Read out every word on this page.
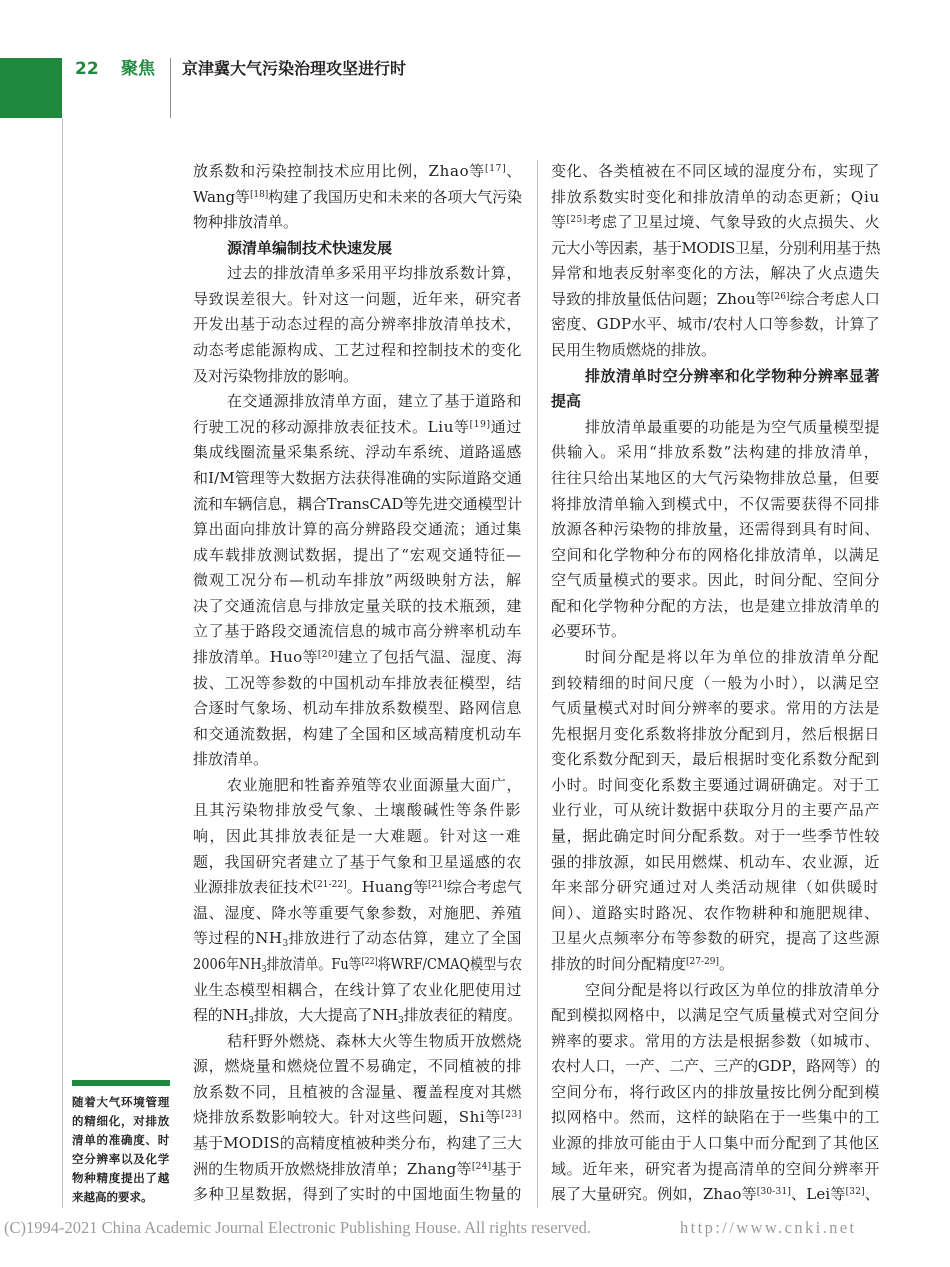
22 聚焦 京津冀大气污染治理攻坚进行时
放系数和污染控制技术应用比例，Zhao等[17]、
Wang等[18]构建了我国历史和未来的各项大气污染
物种排放清单。
源清单编制技术快速发展
过去的排放清单多采用平均排放系数计算，
导致误差很大。针对这一问题，近年来，研究者
开发出基于动态过程的高分辨率排放清单技术，
动态考虑能源构成、工艺过程和控制技术的变化
及对污染物排放的影响。
在交通源排放清单方面，建立了基于道路和
行驶工况的移动源排放表征技术。Liu等[19]通过
集成线圈流量采集系统、浮动车系统、道路遥感
和I/M管理等大数据方法获得准确的实际道路交通
流和车辆信息，耦合TransCAD等先进交通模型计
算出面向排放计算的高分辨路段交通流；通过集
成车载排放测试数据，提出了“宏观交通特征—
微观工况分布—机动车排放”两级映射方法，解
决了交通流信息与排放定量关联的技术瓶颈，建
立了基于路段交通流信息的城市高分辨率机动车
排放清单。Huo等[20]建立了包括气温、湿度、海
拔、工况等参数的中国机动车排放表征模型，结
合逐时气象场、机动车排放系数模型、路网信息
和交通流数据，构建了全国和区域高精度机动车
排放清单。
农业施肥和牲畜养殖等农业面源量大面广，
且其污染物排放受气象、土壤酸碱性等条件影
响，因此其排放表征是一大难题。针对这一难
题，我国研究者建立了基于气象和卫星遥感的农
业源排放表征技术[21-22]。Huang等[21]综合考虑气
温、湿度、降水等重要气象参数，对施肥、养殖
等过程的$NH_3$排放进行了动态估算，建立了全国
2006年$NH_3$排放清单。Fu等[22]将WRF/CMAQ模型与农
业生态模型相耦合，在线计算了农业化肥使用过
程的$NH_3$排放，大大提高了$NH_3$排放表征的精度。
秸秆野外燃烧、森林大火等生物质开放燃烧
源，燃烧量和燃烧位置不易确定，不同植被的排
放系数不同，且植被的含湿量、覆盖程度对其燃
烧排放系数影响较大。针对这些问题，Shi等[23]
基于MODIS的高精度植被种类分布，构建了三大
洲的生物质开放燃烧排放清单；Zhang等[24]基于
多种卫星数据，得到了实时的中国地面生物量的
变化、各类植被在不同区域的湿度分布，实现了
排放系数实时变化和排放清单的动态更新；Qiu
等[25]考虑了卫星过境、气象导致的火点损失、火
元大小等因素，基于MODIS卫星，分别利用基于热
异常和地表反射率变化的方法，解决了火点遗失
导致的排放量低估问题；Zhou等[26]综合考虑人口
密度、GDP水平、城市/农村人口等参数，计算了
民用生物质燃烧的排放。
排放清单时空分辨率和化学物种分辨率显著
提高
排放清单最重要的功能是为空气质量模型提
供输入。采用“排放系数”法构建的排放清单，
往往只给出某地区的大气污染物排放总量，但要
将排放清单输入到模式中，不仅需要获得不同排
放源各种污染物的排放量，还需得到具有时间、
空间和化学物种分布的网格化排放清单，以满足
空气质量模式的要求。因此，时间分配、空间分
配和化学物种分配的方法，也是建立排放清单的
必要环节。
时间分配是将以年为单位的排放清单分配
到较精细的时间尺度（一般为小时），以满足空
气质量模式对时间分辨率的要求。常用的方法是
先根据月变化系数将排放分配到月，然后根据日
变化系数分配到天，最后根据时变化系数分配到
小时。时间变化系数主要通过调研确定。对于工
业行业，可从统计数据中获取分月的主要产品产
量，据此确定时间分配系数。对于一些季节性较
强的排放源，如民用燃煤、机动车、农业源，近
年来部分研究通过对人类活动规律（如供暖时
间）、道路实时路况、农作物耕种和施肥规律、
卫星火点频率分布等参数的研究，提高了这些源
排放的时间分配精度[27-29]。
空间分配是将以行政区为单位的排放清单分
配到模拟网格中，以满足空气质量模式对空间分
辨率的要求。常用的方法是根据参数（如城市、
农村人口，一产、二产、三产的GDP，路网等）的
空间分布，将行政区内的排放量按比例分配到模
拟网格中。然而，这样的缺陷在于一些集中的工
业源的排放可能由于人口集中而分配到了其他区
域。近年来，研究者为提高清单的空间分辨率开
展了大量研究。例如，Zhao等[30-31]、Lei等[32]、
随着大气环境管理
的精细化，对排放
清单的准确度、时
空分辨率以及化学
物种精度提出了越
来越高的要求。
(C)1994-2021 China Academic Journal Electronic Publishing House. All rights reserved.	http://www.cnki.net
